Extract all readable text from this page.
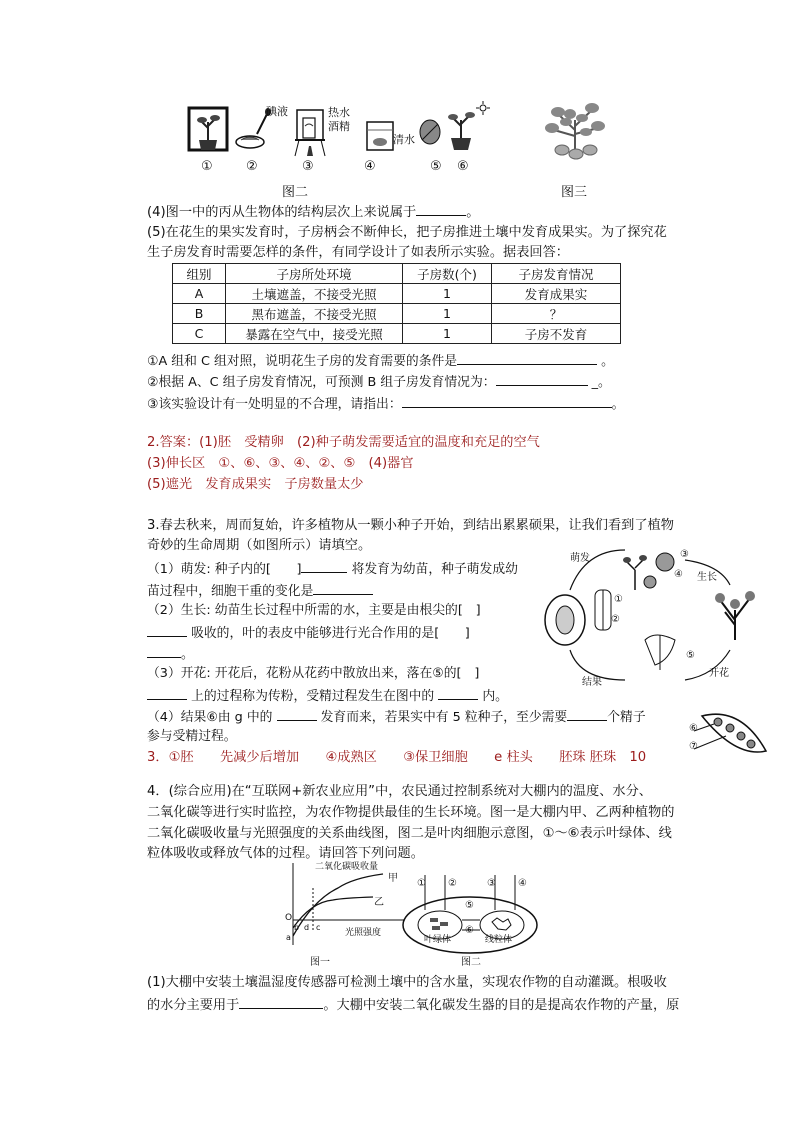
碘液	热水
酒精
清水
①	②	③	④	⑤ ⑥
图二	图三
(4)图一中的丙从生物体的结构层次上来说属于	。
(5)在花生的果实发育时，子房柄会不断伸长，把子房推进土壤中发育成果实。为了探究花
生子房发育时需要怎样的条件，有同学设计了如表所示实验。据表回答：
组别	子房所处环境	子房数(个)	子房发育情况
A	土壤遮盖，不接受光照	1	发育成果实
B	黑布遮盖，不接受光照	1	？
C	暴露在空气中，接受光照	1	子房不发育
①A 组和 C 组对照，说明花生子房的发育需要的条件是	。
②根据 A、C 组子房发育情况，可预测 B 组子房发育情况为：	_。
③该实验设计有一处明显的不合理，请指出：	。
2.答案：(1)胚　受精卵　(2)种子萌发需要适宜的温度和充足的空气
(3)伸长区　①、⑥、③、④、②、⑤　(4)器官
(5)遮光　发育成果实　子房数量太少
3.春去秋来，周而复始，许多植物从一颗小种子开始，到结出累累硕果，让我们看到了植物
奇妙的生命周期（如图所示）请填空。
（1）萌发: 种子内的[　　]	将发育为幼苗，种子萌发成幼
苗过程中，细胞干重的变化是
（2）生长: 幼苗生长过程中所需的水，主要是由根尖的[　]
吸收的，叶的表皮中能够进行光合作用的是[　　]
。
（3）开花: 开花后，花粉从花药中散放出来，落在⑤的[　]
上的过程称为传粉，受精过程发生在图中的	内。
（4）结果⑥由 g 中的	发育而来，若果实中有 5 粒种子，至少需要	个精子
参与受精过程。
3．①胚　　先减少后增加　　④成熟区　　③保卫细胞　　e 柱头　　胚珠 胚珠　10
萌发
生长
开花
结果
①
②
③
④
⑤
⑥
⑦
4．(综合应用)在“互联网+新农业应用”中，农民通过控制系统对大棚内的温度、水分、
二氧化碳等进行实时监控，为农作物提供最佳的生长环境。图一是大棚内甲、乙两种植物的
二氧化碳吸收量与光照强度的关系曲线图，图二是叶肉细胞示意图，①～⑥表示叶绿体、线
粒体吸收或释放气体的过程。请回答下列问题。
二氧化碳吸收量
甲
乙
光照强度
O
a
b d c
图一
① ②	③ ④
⑤
⑥
叶绿体	线粒体
图二
(1)大棚中安装土壤温湿度传感器可检测土壤中的含水量，实现农作物的自动灌溉。根吸收
的水分主要用于	。大棚中安装二氧化碳发生器的目的是提高农作物的产量，原
